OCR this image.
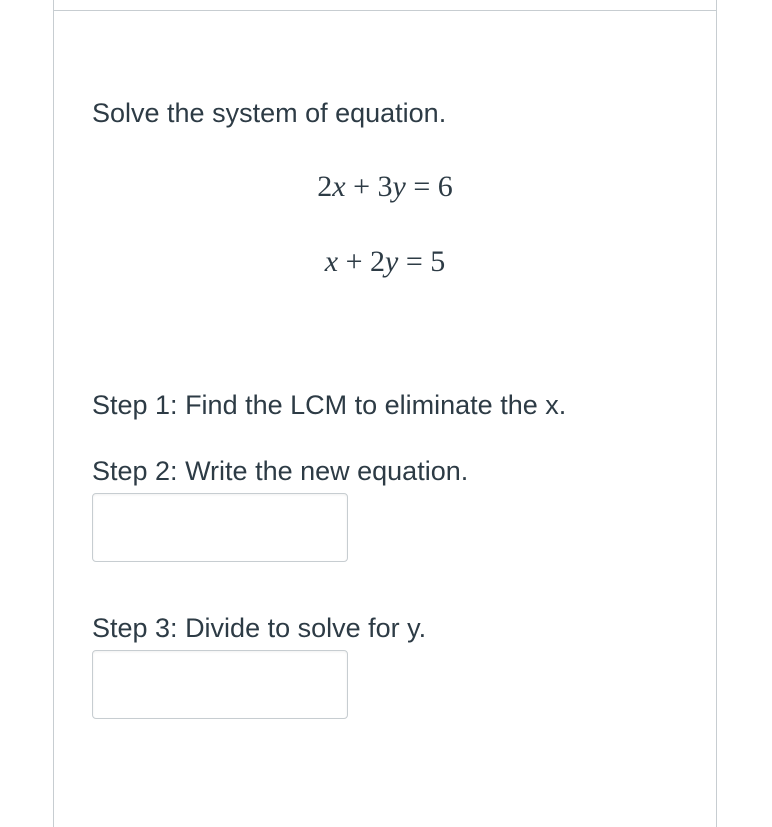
Solve the system of equation.
2x + 3y = 6
x + 2y = 5
Step 1: Find the LCM to eliminate the x.
Step 2: Write the new equation.
Step 3: Divide to solve for y.
